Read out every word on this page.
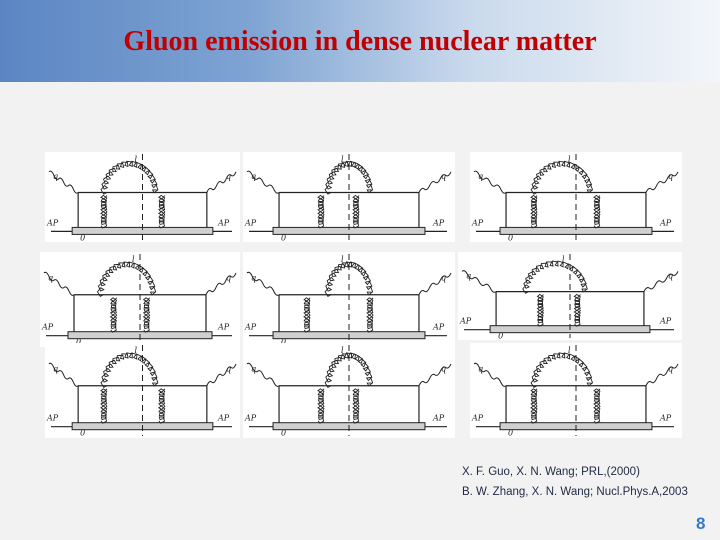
Gluon emission in dense nuclear matter
l
q	q
AP	AP
0
l
q	q
AP	AP
0
l
q	q
AP	AP
0
l
q	q
AP	AP
l
q	q
AP	AP
l
q	q
AP	AP
0
l
q	q
AP	AP
0
l
q	q
AP	AP
0
l
q	q
AP	AP
0
X. F. Guo, X. N. Wang; PRL,(2000)
B. W. Zhang, X. N. Wang; Nucl.Phys.A,2003
8
